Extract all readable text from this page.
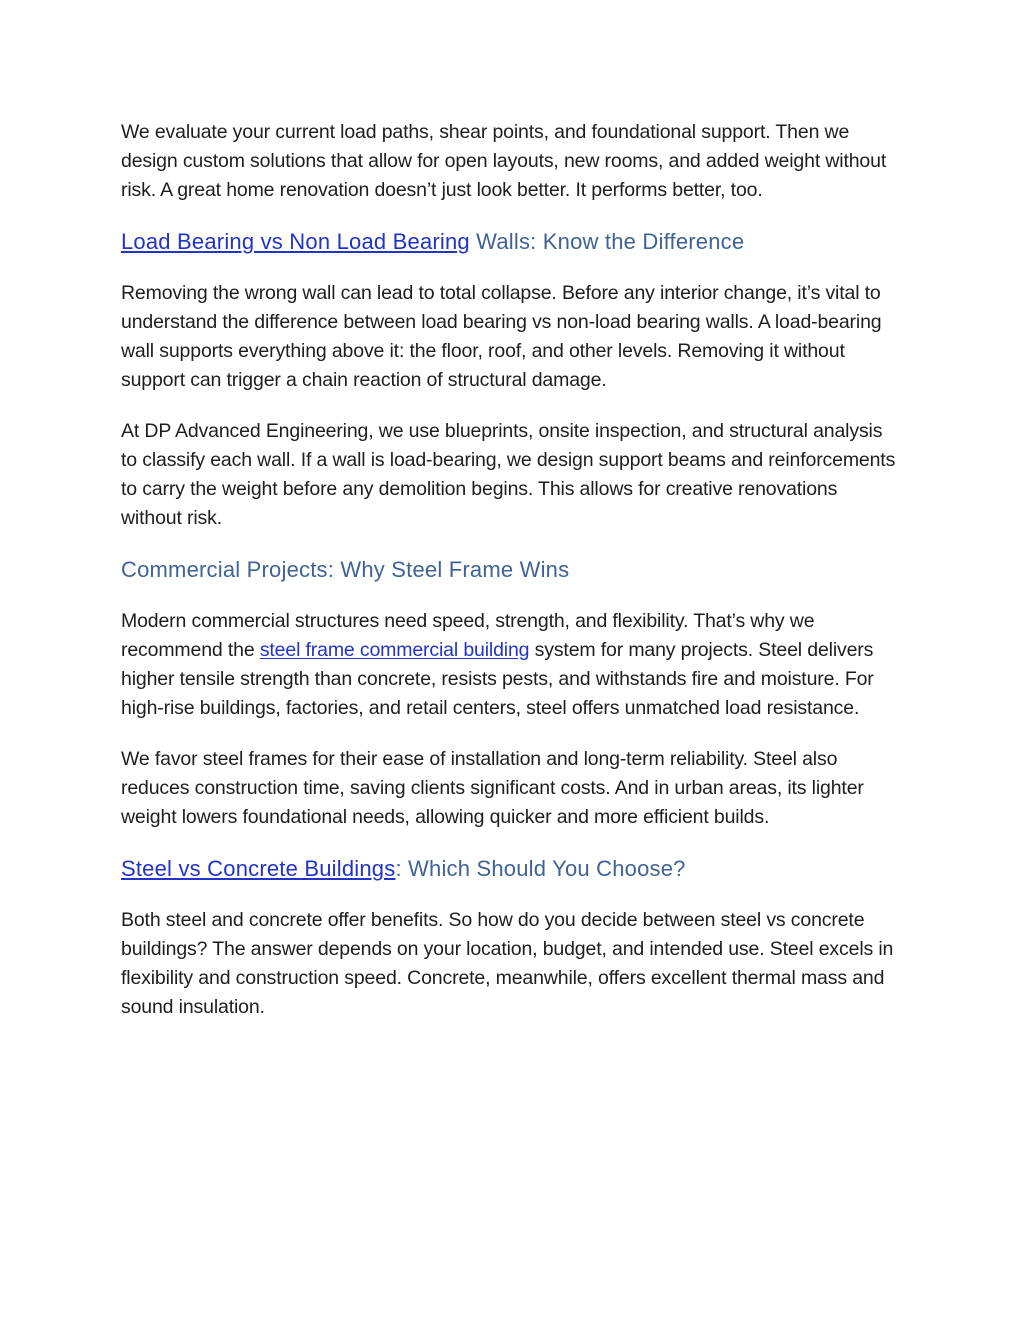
We evaluate your current load paths, shear points, and foundational support. Then we design custom solutions that allow for open layouts, new rooms, and added weight without risk. A great home renovation doesn’t just look better. It performs better, too.

Load Bearing vs Non Load Bearing Walls: Know the Difference

Removing the wrong wall can lead to total collapse. Before any interior change, it’s vital to understand the difference between load bearing vs non-load bearing walls. A load-bearing wall supports everything above it: the floor, roof, and other levels. Removing it without support can trigger a chain reaction of structural damage.

At DP Advanced Engineering, we use blueprints, onsite inspection, and structural analysis to classify each wall. If a wall is load-bearing, we design support beams and reinforcements to carry the weight before any demolition begins. This allows for creative renovations without risk.

Commercial Projects: Why Steel Frame Wins

Modern commercial structures need speed, strength, and flexibility. That’s why we recommend the steel frame commercial building system for many projects. Steel delivers higher tensile strength than concrete, resists pests, and withstands fire and moisture. For high-rise buildings, factories, and retail centers, steel offers unmatched load resistance.

We favor steel frames for their ease of installation and long-term reliability. Steel also reduces construction time, saving clients significant costs. And in urban areas, its lighter weight lowers foundational needs, allowing quicker and more efficient builds.

Steel vs Concrete Buildings: Which Should You Choose?

Both steel and concrete offer benefits. So how do you decide between steel vs concrete buildings? The answer depends on your location, budget, and intended use. Steel excels in flexibility and construction speed. Concrete, meanwhile, offers excellent thermal mass and sound insulation.
